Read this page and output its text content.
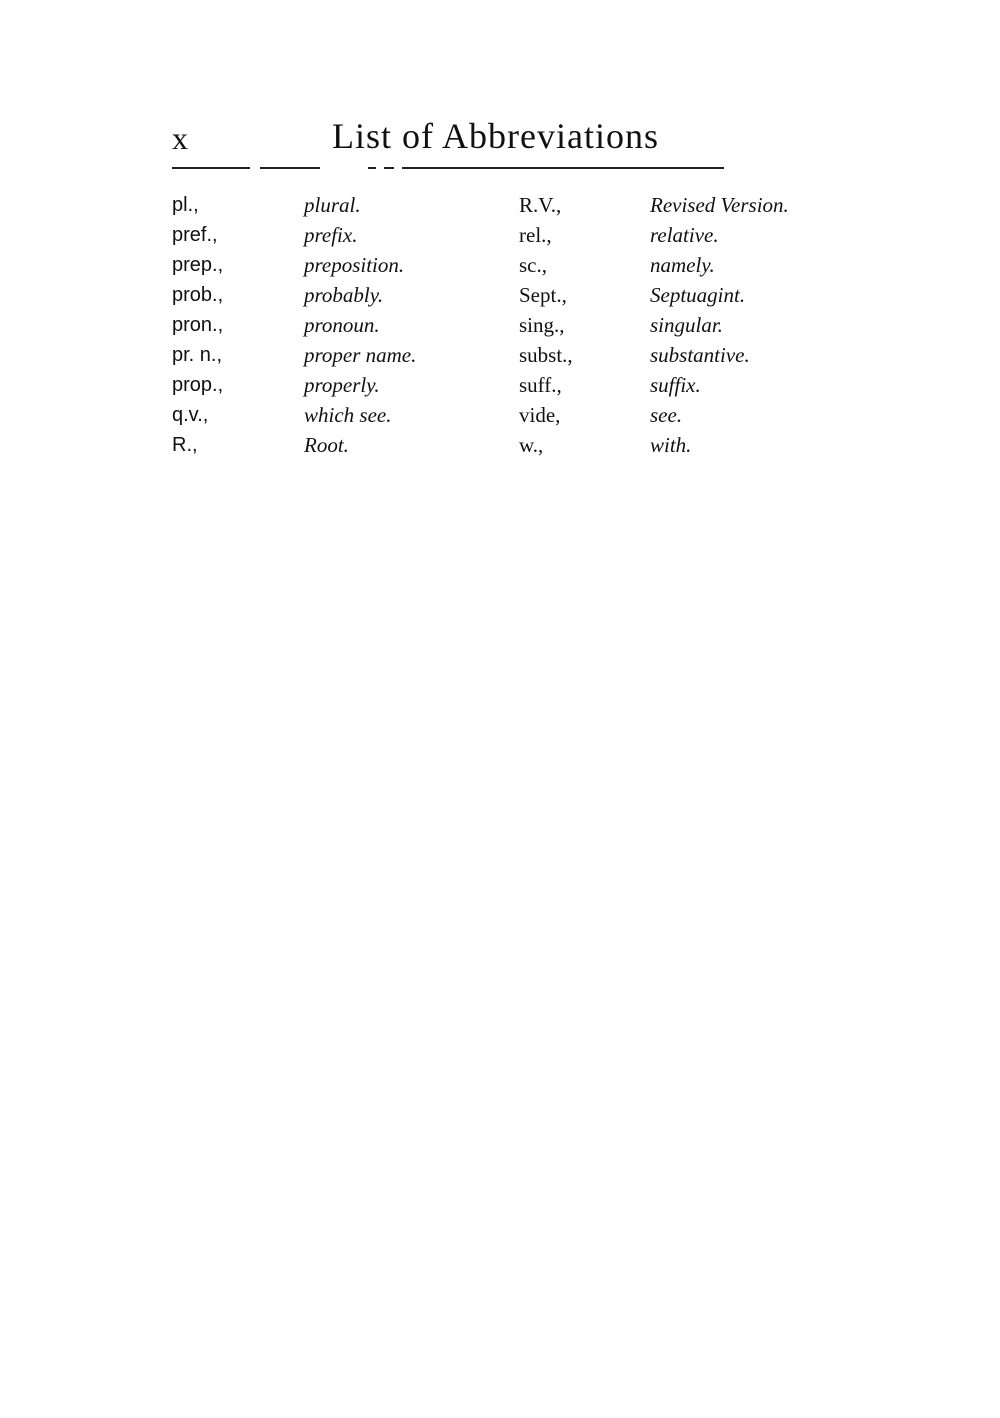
x	List of Abbreviations
pl.,	plural.	R.V.,	Revised Version.
pref.,	prefix.	rel.,	relative.
prep.,	preposition.	sc.,	namely.
prob.,	probably.	Sept.,	Septuagint.
pron.,	pronoun.	sing.,	singular.
pr. n.,	proper name.	subst.,	substantive.
prop.,	properly.	suff.,	suffix.
q.v.,	which see.	vide,	see.
R.,	Root.	w.,	with.
